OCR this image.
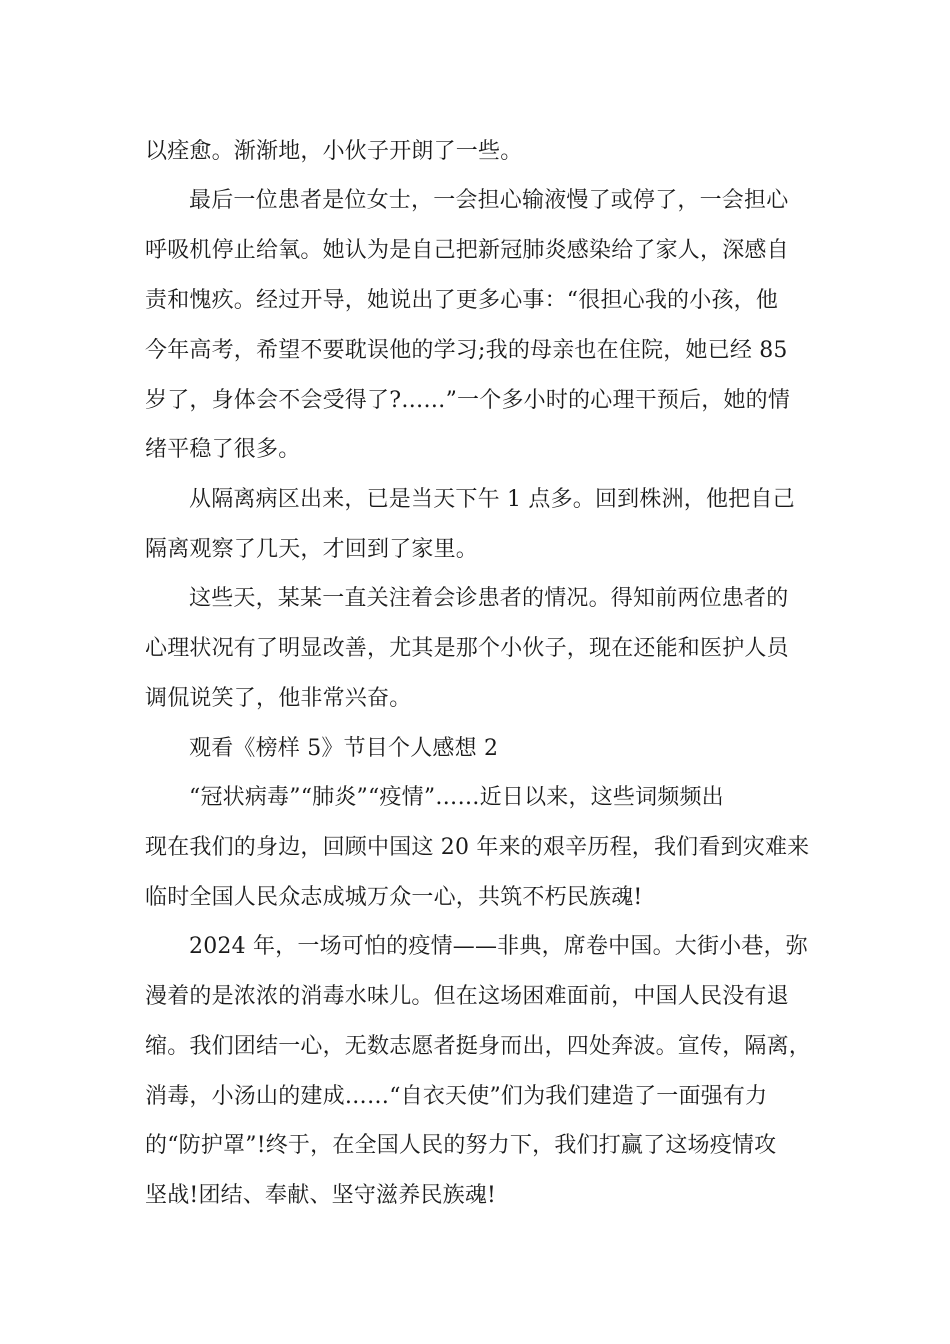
以痊愈。渐渐地，小伙子开朗了一些。
最后一位患者是位女士，一会担心输液慢了或停了，一会担心
呼吸机停止给氧。她认为是自己把新冠肺炎感染给了家人，深感自
责和愧疚。经过开导，她说出了更多心事：“很担心我的小孩，他
今年高考，希望不要耽误他的学习;我的母亲也在住院，她已经 85
岁了，身体会不会受得了?……”一个多小时的心理干预后，她的情
绪平稳了很多。
从隔离病区出来，已是当天下午 1 点多。回到株洲，他把自己
隔离观察了几天，才回到了家里。
这些天，某某一直关注着会诊患者的情况。得知前两位患者的
心理状况有了明显改善，尤其是那个小伙子，现在还能和医护人员
调侃说笑了，他非常兴奋。
观看《榜样 5》节目个人感想 2
“冠状病毒”“肺炎”“疫情”……近日以来，这些词频频出
现在我们的身边，回顾中国这 20 年来的艰辛历程，我们看到灾难来
临时全国人民众志成城万众一心，共筑不朽民族魂!
2024 年，一场可怕的疫情——非典，席卷中国。大街小巷，弥
漫着的是浓浓的消毒水味儿。但在这场困难面前，中国人民没有退
缩。我们团结一心，无数志愿者挺身而出，四处奔波。宣传，隔离，
消毒，小汤山的建成……“自衣天使”们为我们建造了一面强有力
的“防护罩”!终于，在全国人民的努力下，我们打赢了这场疫情攻
坚战!团结、奉献、坚守滋养民族魂!
